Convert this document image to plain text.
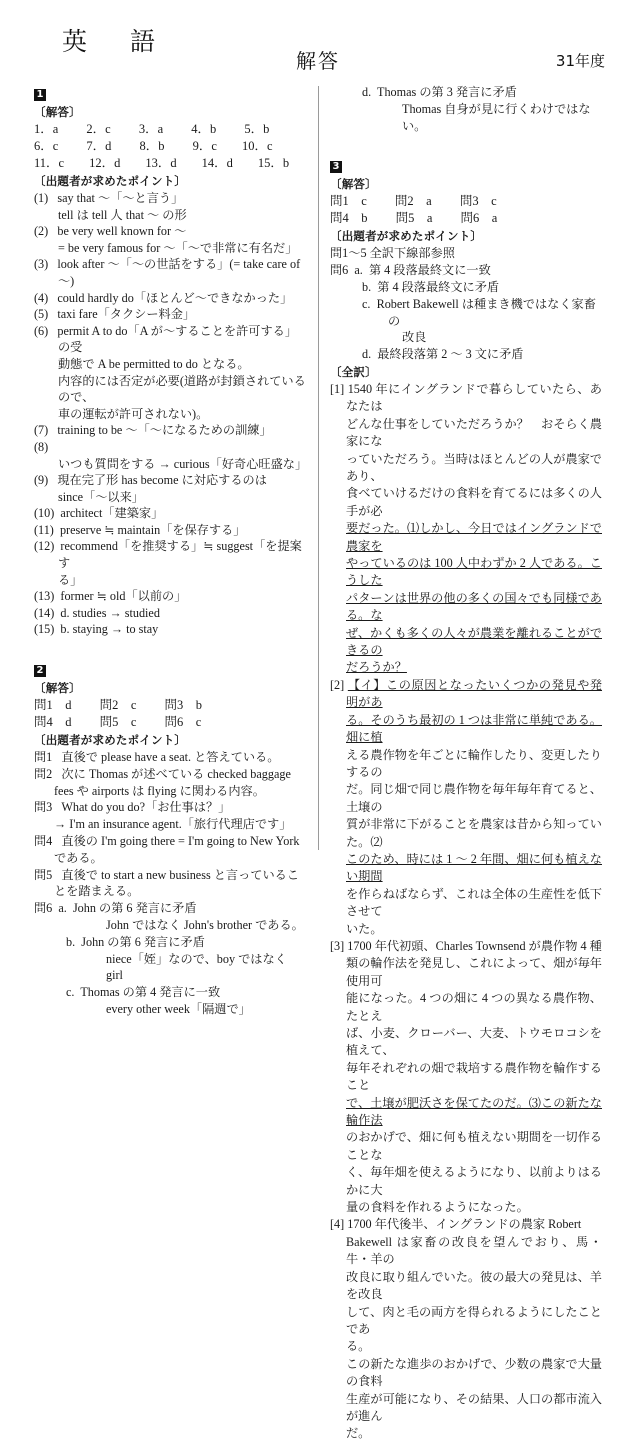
英　語
解答	31年度
1
〔解答〕
1．a　　 2．c　　 3．a　　 4．b　　 5．b
6．c　　 7．d　　 8．b　　 9．c　　10．c
11．c　　12．d　　13．d　　14．d　　15．b
〔出題者が求めたポイント〕
(1) say that ～「～と言う」
tell は tell 人 that ～ の形
(2) be very well known for ～
= be very famous for ～「～で非常に有名だ」
(3) look after ～「～の世話をする」(= take care of ～)
(4) could hardly do「ほとんど～できなかった」
(5) taxi fare「タクシー料金」
(6) permit A to do「A が～することを許可する」の受
動態で A be permitted to do となる。
内容的には否定が必要(道路が封鎖されているので、
車の運転が許可されない)。
(7) training to be ～「～になるための訓練」
(8)   いつも質問をする → curious「好奇心旺盛な」
(9) 現在完了形 has become に対応するのは
since「～以来」
(10) architect「建築家」
(11) preserve ≒ maintain「を保存する」
(12) recommend「を推奨する」≒ suggest「を提案す
る」
(13) former ≒ old「以前の」
(14) d. studies → studied
(15) b. staying → to stay
2
〔解答〕
問1　d　　 問2　c　　 問3　b
問4　d　　 問5　c　　 問6　c
〔出題者が求めたポイント〕
問1 直後で please have a seat. と答えている。
問2 次に Thomas が述べている checked baggage
fees や airports は flying に関わる内容。
問3 What do you do?「お仕事は？」
→ I'm an insurance agent.「旅行代理店です」
問4 直後の I'm going there = I'm going to New York
である。
問5 直後で to start a new business と言っているこ
とを踏まえる。
問6 a. John の第 6 発言に矛盾
John ではなく John's brother である。
b. John の第 6 発言に矛盾
niece「姪」なので、boy ではなく girl
c. Thomas の第 4 発言に一致
every other week「隔週で」
d. Thomas の第 3 発言に矛盾
Thomas 自身が見に行くわけではない。
3
〔解答〕
問1　c　　 問2　a　　 問3　c
問4　b　　 問5　a　　 問6　a
〔出題者が求めたポイント〕
問1～5 全訳下線部参照
問6 a. 第 4 段落最終文に一致
b. 第 4 段落最終文に矛盾
c. Robert Bakewell は種まき機ではなく家畜の
改良
d. 最終段落第 2 ～ 3 文に矛盾
〔全訳〕
[1] 1540 年にイングランドで暮らしていたら、あなたは
どんな仕事をしていただろうか？　おそらく農家にな
っていただろう。当時はほとんどの人が農家であり、
食べていけるだけの食料を育てるには多くの人手が必
要だった。⑴しかし、今日ではイングランドで農家を
やっているのは 100 人中わずか 2 人である。こうした
パターンは世界の他の多くの国々でも同様である。な
ぜ、かくも多くの人々が農業を離れることができるの
だろうか？
[2] 【イ】この原因となったいくつかの発見や発明があ
る。そのうち最初の 1 つは非常に単純である。畑に植
える農作物を年ごとに輪作したり、変更したりするの
だ。同じ畑で同じ農作物を毎年毎年育てると、土壌の
質が非常に下がることを農家は昔から知っていた。⑵
このため、時には 1 ～ 2 年間、畑に何も植えない期間
を作らねばならず、これは全体の生産性を低下させて
いた。
[3] 1700 年代初頭、Charles Townsend が農作物 4 種
類の輪作法を発見し、これによって、畑が毎年使用可
能になった。4 つの畑に 4 つの異なる農作物、たとえ
ば、小麦、クローバー、大麦、トウモロコシを植えて、
毎年それぞれの畑で栽培する農作物を輪作すること
で、土壌が肥沃さを保てたのだ。⑶この新たな輪作法
のおかげで、畑に何も植えない期間を一切作ることな
く、毎年畑を使えるようになり、以前よりはるかに大
量の食料を作れるようになった。
[4] 1700 年代後半、イングランドの農家 Robert
Bakewell は家畜の改良を望んでおり、馬・牛・羊の
改良に取り組んでいた。彼の最大の発見は、羊を改良
して、肉と毛の両方を得られるようにしたことであ
る。
この新たな進歩のおかげで、少数の農家で大量の食料
生産が可能になり、その結果、人口の都市流入が進ん
だ。
